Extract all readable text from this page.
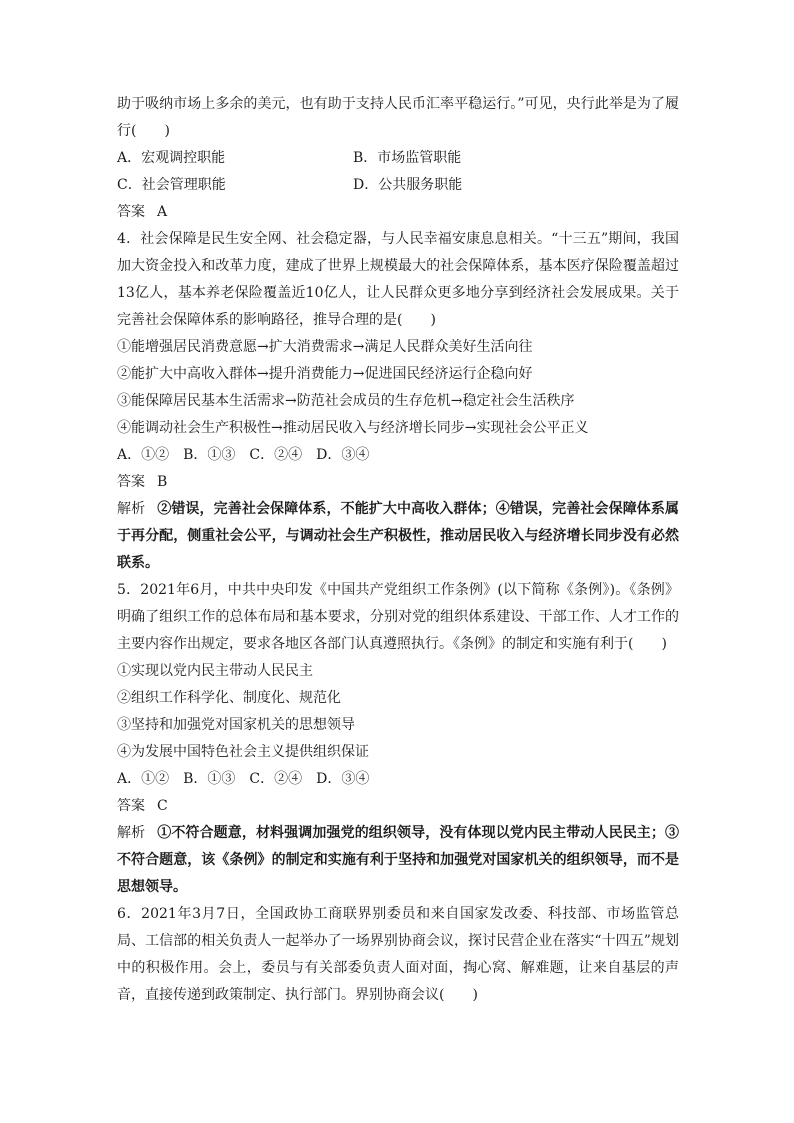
助于吸纳市场上多余的美元，也有助于支持人民币汇率平稳运行。”可见，央行此举是为了履行(　　)
A．宏观调控职能	B．市场监管职能
C．社会管理职能	D．公共服务职能
答案 A
4．社会保障是民生安全网、社会稳定器，与人民幸福安康息息相关。“十三五”期间，我国加大资金投入和改革力度，建成了世界上规模最大的社会保障体系，基本医疗保险覆盖超过13亿人，基本养老保险覆盖近10亿人，让人民群众更多地分享到经济社会发展成果。关于完善社会保障体系的影响路径，推导合理的是(　　)
①能增强居民消费意愿→扩大消费需求→满足人民群众美好生活向往
②能扩大中高收入群体→提升消费能力→促进国民经济运行企稳向好
③能保障居民基本生活需求→防范社会成员的生存危机→稳定社会生活秩序
④能调动社会生产积极性→推动居民收入与经济增长同步→实现社会公平正义
A．①②　B．①③　C．②④　D．③④
答案 B
解析 ②错误，完善社会保障体系，不能扩大中高收入群体；④错误，完善社会保障体系属于再分配，侧重社会公平，与调动社会生产积极性，推动居民收入与经济增长同步没有必然联系。
5．2021年6月，中共中央印发《中国共产党组织工作条例》(以下简称《条例》)。《条例》明确了组织工作的总体布局和基本要求，分别对党的组织体系建设、干部工作、人才工作的主要内容作出规定，要求各地区各部门认真遵照执行。《条例》的制定和实施有利于(　　)
①实现以党内民主带动人民民主
②组织工作科学化、制度化、规范化
③坚持和加强党对国家机关的思想领导
④为发展中国特色社会主义提供组织保证
A．①②　B．①③　C．②④　D．③④
答案 C
解析 ①不符合题意，材料强调加强党的组织领导，没有体现以党内民主带动人民民主；③不符合题意，该《条例》的制定和实施有利于坚持和加强党对国家机关的组织领导，而不是思想领导。
6．2021年3月7日，全国政协工商联界别委员和来自国家发改委、科技部、市场监管总局、工信部的相关负责人一起举办了一场界别协商会议，探讨民营企业在落实“十四五”规划中的积极作用。会上，委员与有关部委负责人面对面，掏心窝、解难题，让来自基层的声音，直接传递到政策制定、执行部门。界别协商会议(　　)
